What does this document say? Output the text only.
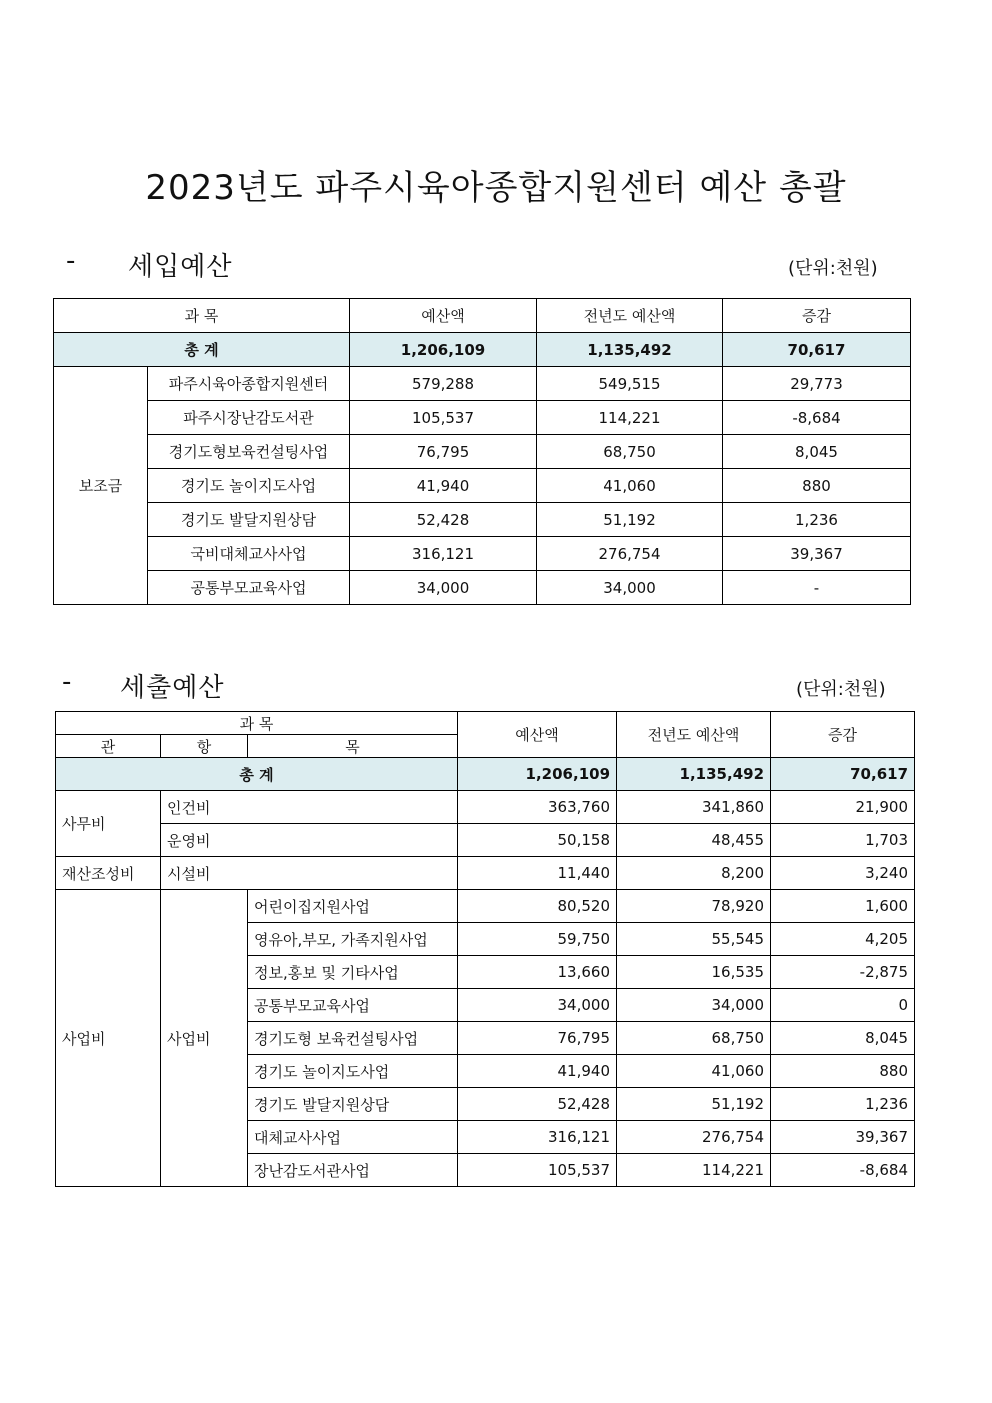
2023년도 파주시육아종합지원센터 예산 총괄
- 세입예산	(단위:천원)
과 목		예산액	전년도 예산액	증감
총 계		1,206,109	1,135,492	70,617
보조금	파주시육아종합지원센터	579,288	549,515	29,773
	파주시장난감도서관	105,537	114,221	-8,684
	경기도형보육컨설팅사업	76,795	68,750	8,045
	경기도 놀이지도사업	41,940	41,060	880
	경기도 발달지원상담	52,428	51,192	1,236
	국비대체교사사업	316,121	276,754	39,367
	공통부모교육사업	34,000	34,000	-
- 세출예산	(단위:천원)
과 목			예산액	전년도 예산액	증감
관	항	목			
총 계			1,206,109	1,135,492	70,617
사무비	인건비		363,760	341,860	21,900
	운영비		50,158	48,455	1,703
재산조성비	시설비		11,440	8,200	3,240
사업비	사업비	어린이집지원사업	80,520	78,920	1,600
		영유아,부모, 가족지원사업	59,750	55,545	4,205
		정보,홍보 및 기타사업	13,660	16,535	-2,875
		공통부모교육사업	34,000	34,000	0
		경기도형 보육컨설팅사업	76,795	68,750	8,045
		경기도 놀이지도사업	41,940	41,060	880
		경기도 발달지원상담	52,428	51,192	1,236
		대체교사사업	316,121	276,754	39,367
		장난감도서관사업	105,537	114,221	-8,684
